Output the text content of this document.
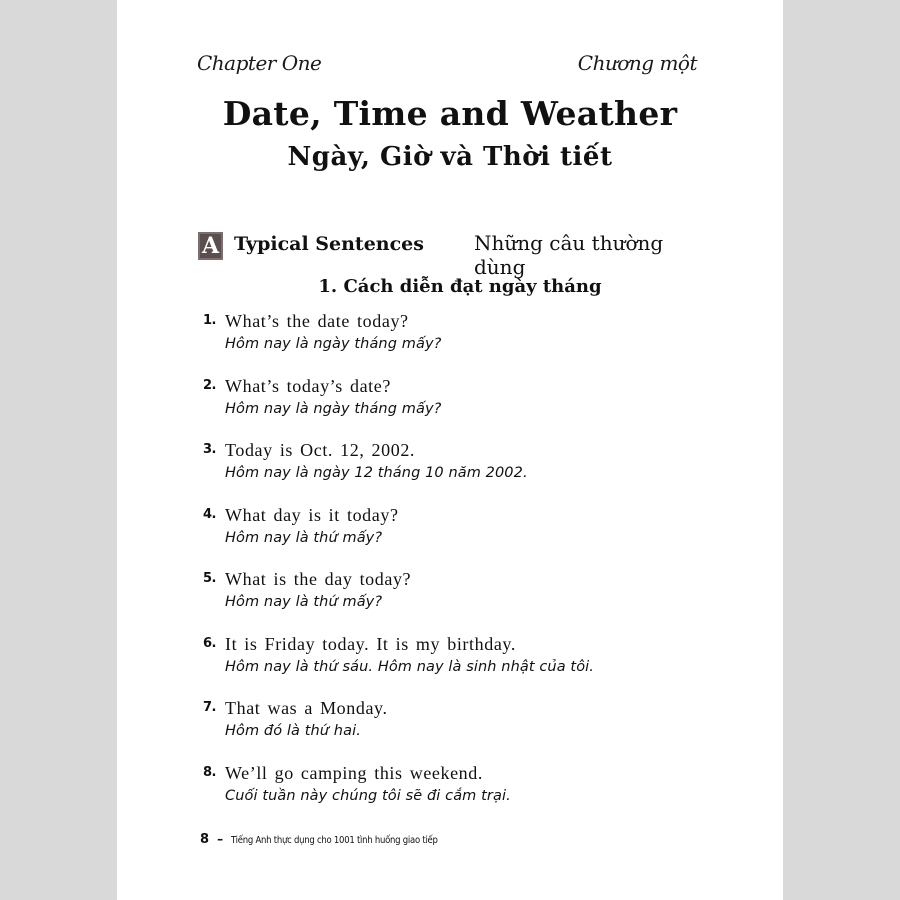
Chapter One	Chương một
Date, Time and Weather
Ngày, Giờ và Thời tiết
A Typical Sentences	Những câu thường dùng
1. Cách diễn đạt ngày tháng
1. What’s the date today?
Hôm nay là ngày tháng mấy?
2. What’s today’s date?
Hôm nay là ngày tháng mấy?
3. Today is Oct. 12, 2002.
Hôm nay là ngày 12 tháng 10 năm 2002.
4. What day is it today?
Hôm nay là thứ mấy?
5. What is the day today?
Hôm nay là thứ mấy?
6. It is Friday today. It is my birthday.
Hôm nay là thứ sáu. Hôm nay là sinh nhật của tôi.
7. That was a Monday.
Hôm đó là thứ hai.
8. We’ll go camping this weekend.
Cuối tuần này chúng tôi sẽ đi cắm trại.
8 – Tiếng Anh thực dụng cho 1001 tình huống giao tiếp
